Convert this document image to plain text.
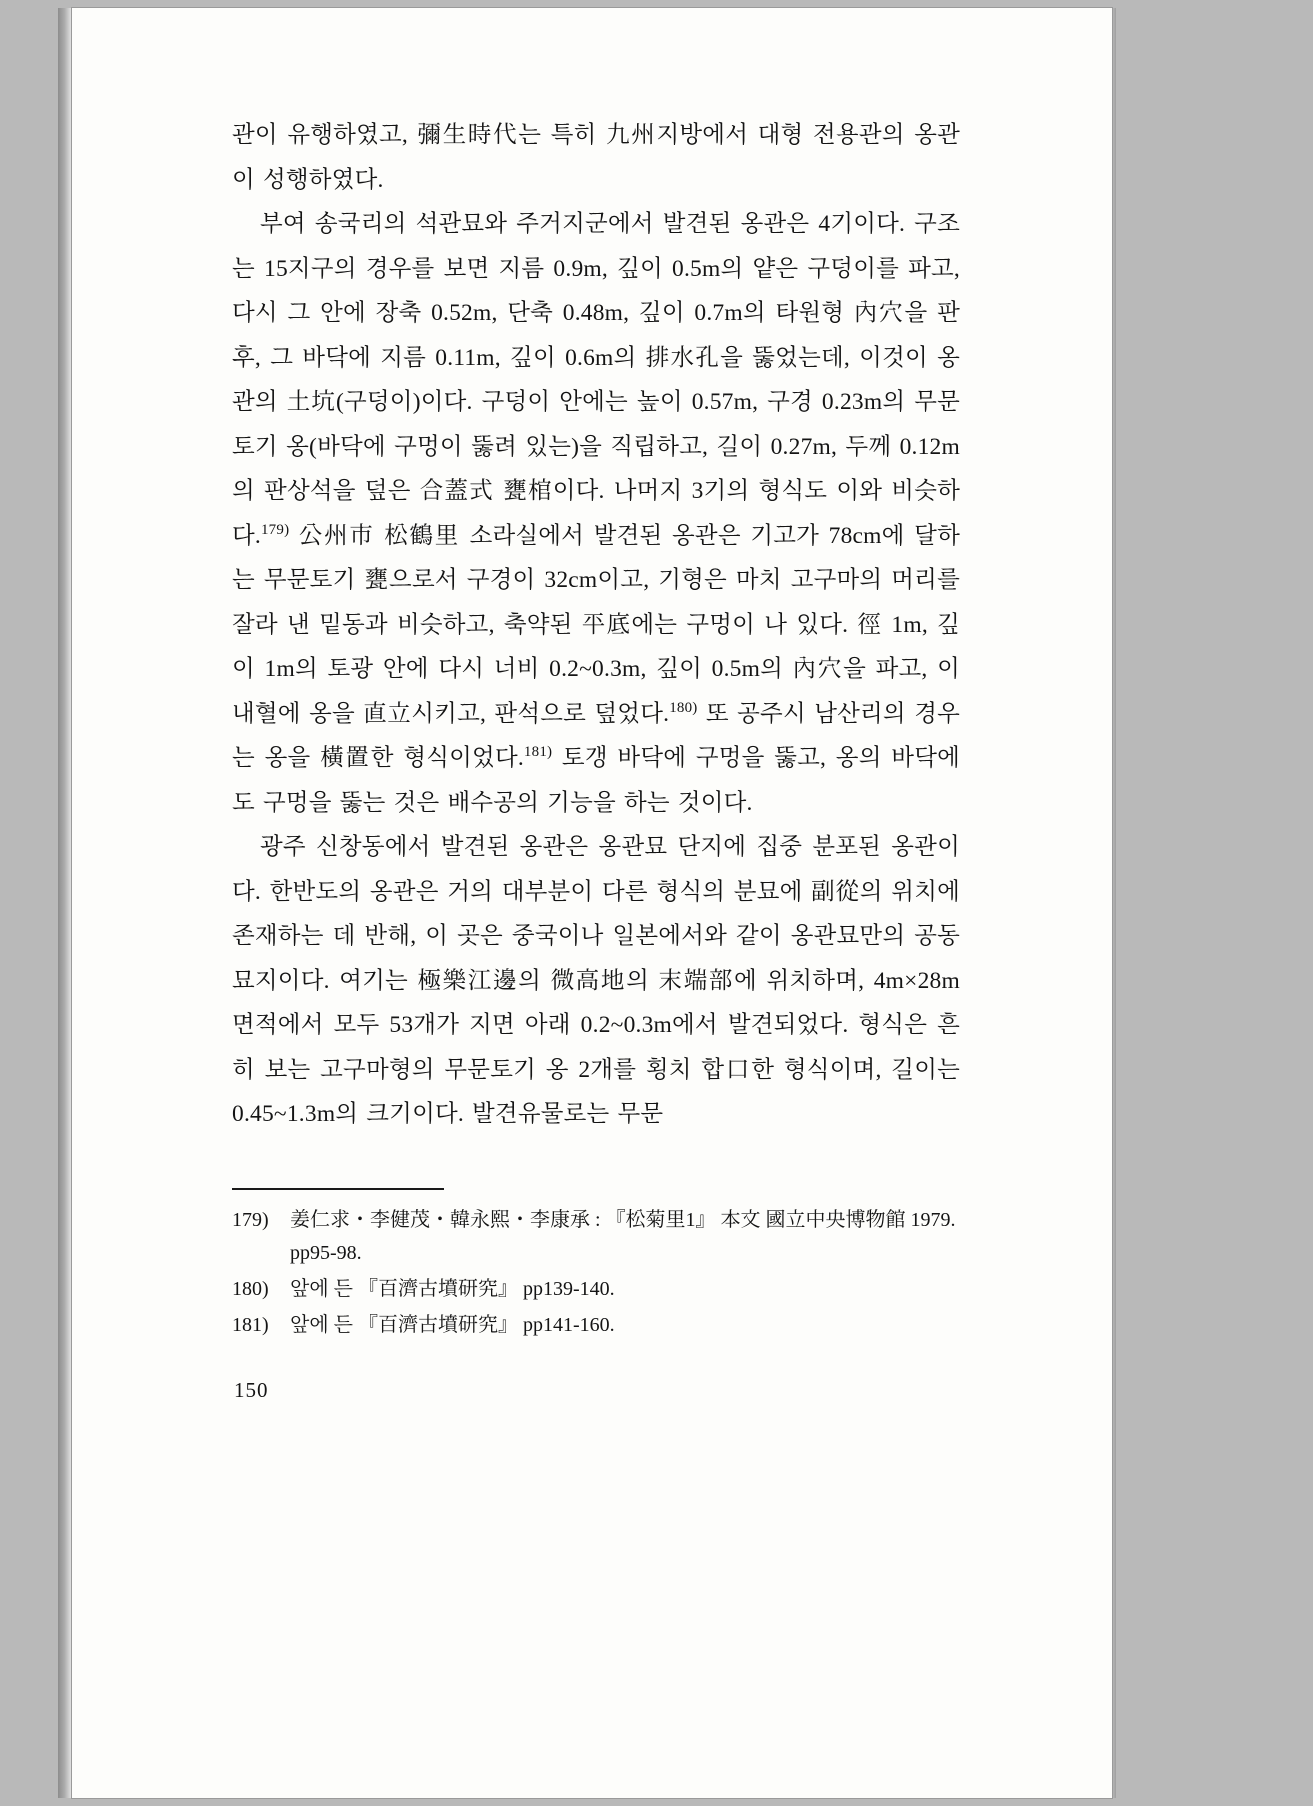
관이 유행하였고, 彌生時代는 특히 九州지방에서 대형 전용관의 옹관이 성행하였다.

부여 송국리의 석관묘와 주거지군에서 발견된 옹관은 4기이다. 구조는 15지구의 경우를 보면 지름 0.9m, 깊이 0.5m의 얕은 구덩이를 파고, 다시 그 안에 장축 0.52m, 단축 0.48m, 깊이 0.7m의 타원형 內穴을 판 후, 그 바닥에 지름 0.11m, 깊이 0.6m의 排水孔을 뚫었는데, 이것이 옹관의 土坑(구덩이)이다. 구덩이 안에는 높이 0.57m, 구경 0.23m의 무문토기 옹(바닥에 구멍이 뚫려 있는)을 직립하고, 길이 0.27m, 두께 0.12m의 판상석을 덮은 合蓋式 甕棺이다. 나머지 3기의 형식도 이와 비슷하다.$^{179)}$ 公州市 松鶴里 소라실에서 발견된 옹관은 기고가 78cm에 달하는 무문토기 甕으로서 구경이 32cm이고, 기형은 마치 고구마의 머리를 잘라 낸 밑동과 비슷하고, 축약된 平底에는 구멍이 나 있다. 徑 1m, 깊이 1m의 토광 안에 다시 너비 0.2~0.3m, 깊이 0.5m의 內穴을 파고, 이 내혈에 옹을 直立시키고, 판석으로 덮었다.$^{180)}$ 또 공주시 남산리의 경우는 옹을 橫置한 형식이었다.$^{181)}$ 토갱 바닥에 구멍을 뚫고, 옹의 바닥에도 구멍을 뚫는 것은 배수공의 기능을 하는 것이다.

광주 신창동에서 발견된 옹관은 옹관묘 단지에 집중 분포된 옹관이다. 한반도의 옹관은 거의 대부분이 다른 형식의 분묘에 副從의 위치에 존재하는 데 반해, 이 곳은 중국이나 일본에서와 같이 옹관묘만의 공동묘지이다. 여기는 極樂江邊의 微高地의 末端部에 위치하며, 4m×28m 면적에서 모두 53개가 지면 아래 0.2~0.3m에서 발견되었다. 형식은 흔히 보는 고구마형의 무문토기 옹 2개를 횡치 합口한 형식이며, 길이는 0.45~1.3m의 크기이다. 발견유물로는 무문

179) 姜仁求・李健茂・韓永熙・李康承 : 『松菊里1』 本文 國立中央博物館 1979.
pp95-98.
180) 앞에 든 『百濟古墳研究』 pp139-140.
181) 앞에 든 『百濟古墳研究』 pp141-160.
150
